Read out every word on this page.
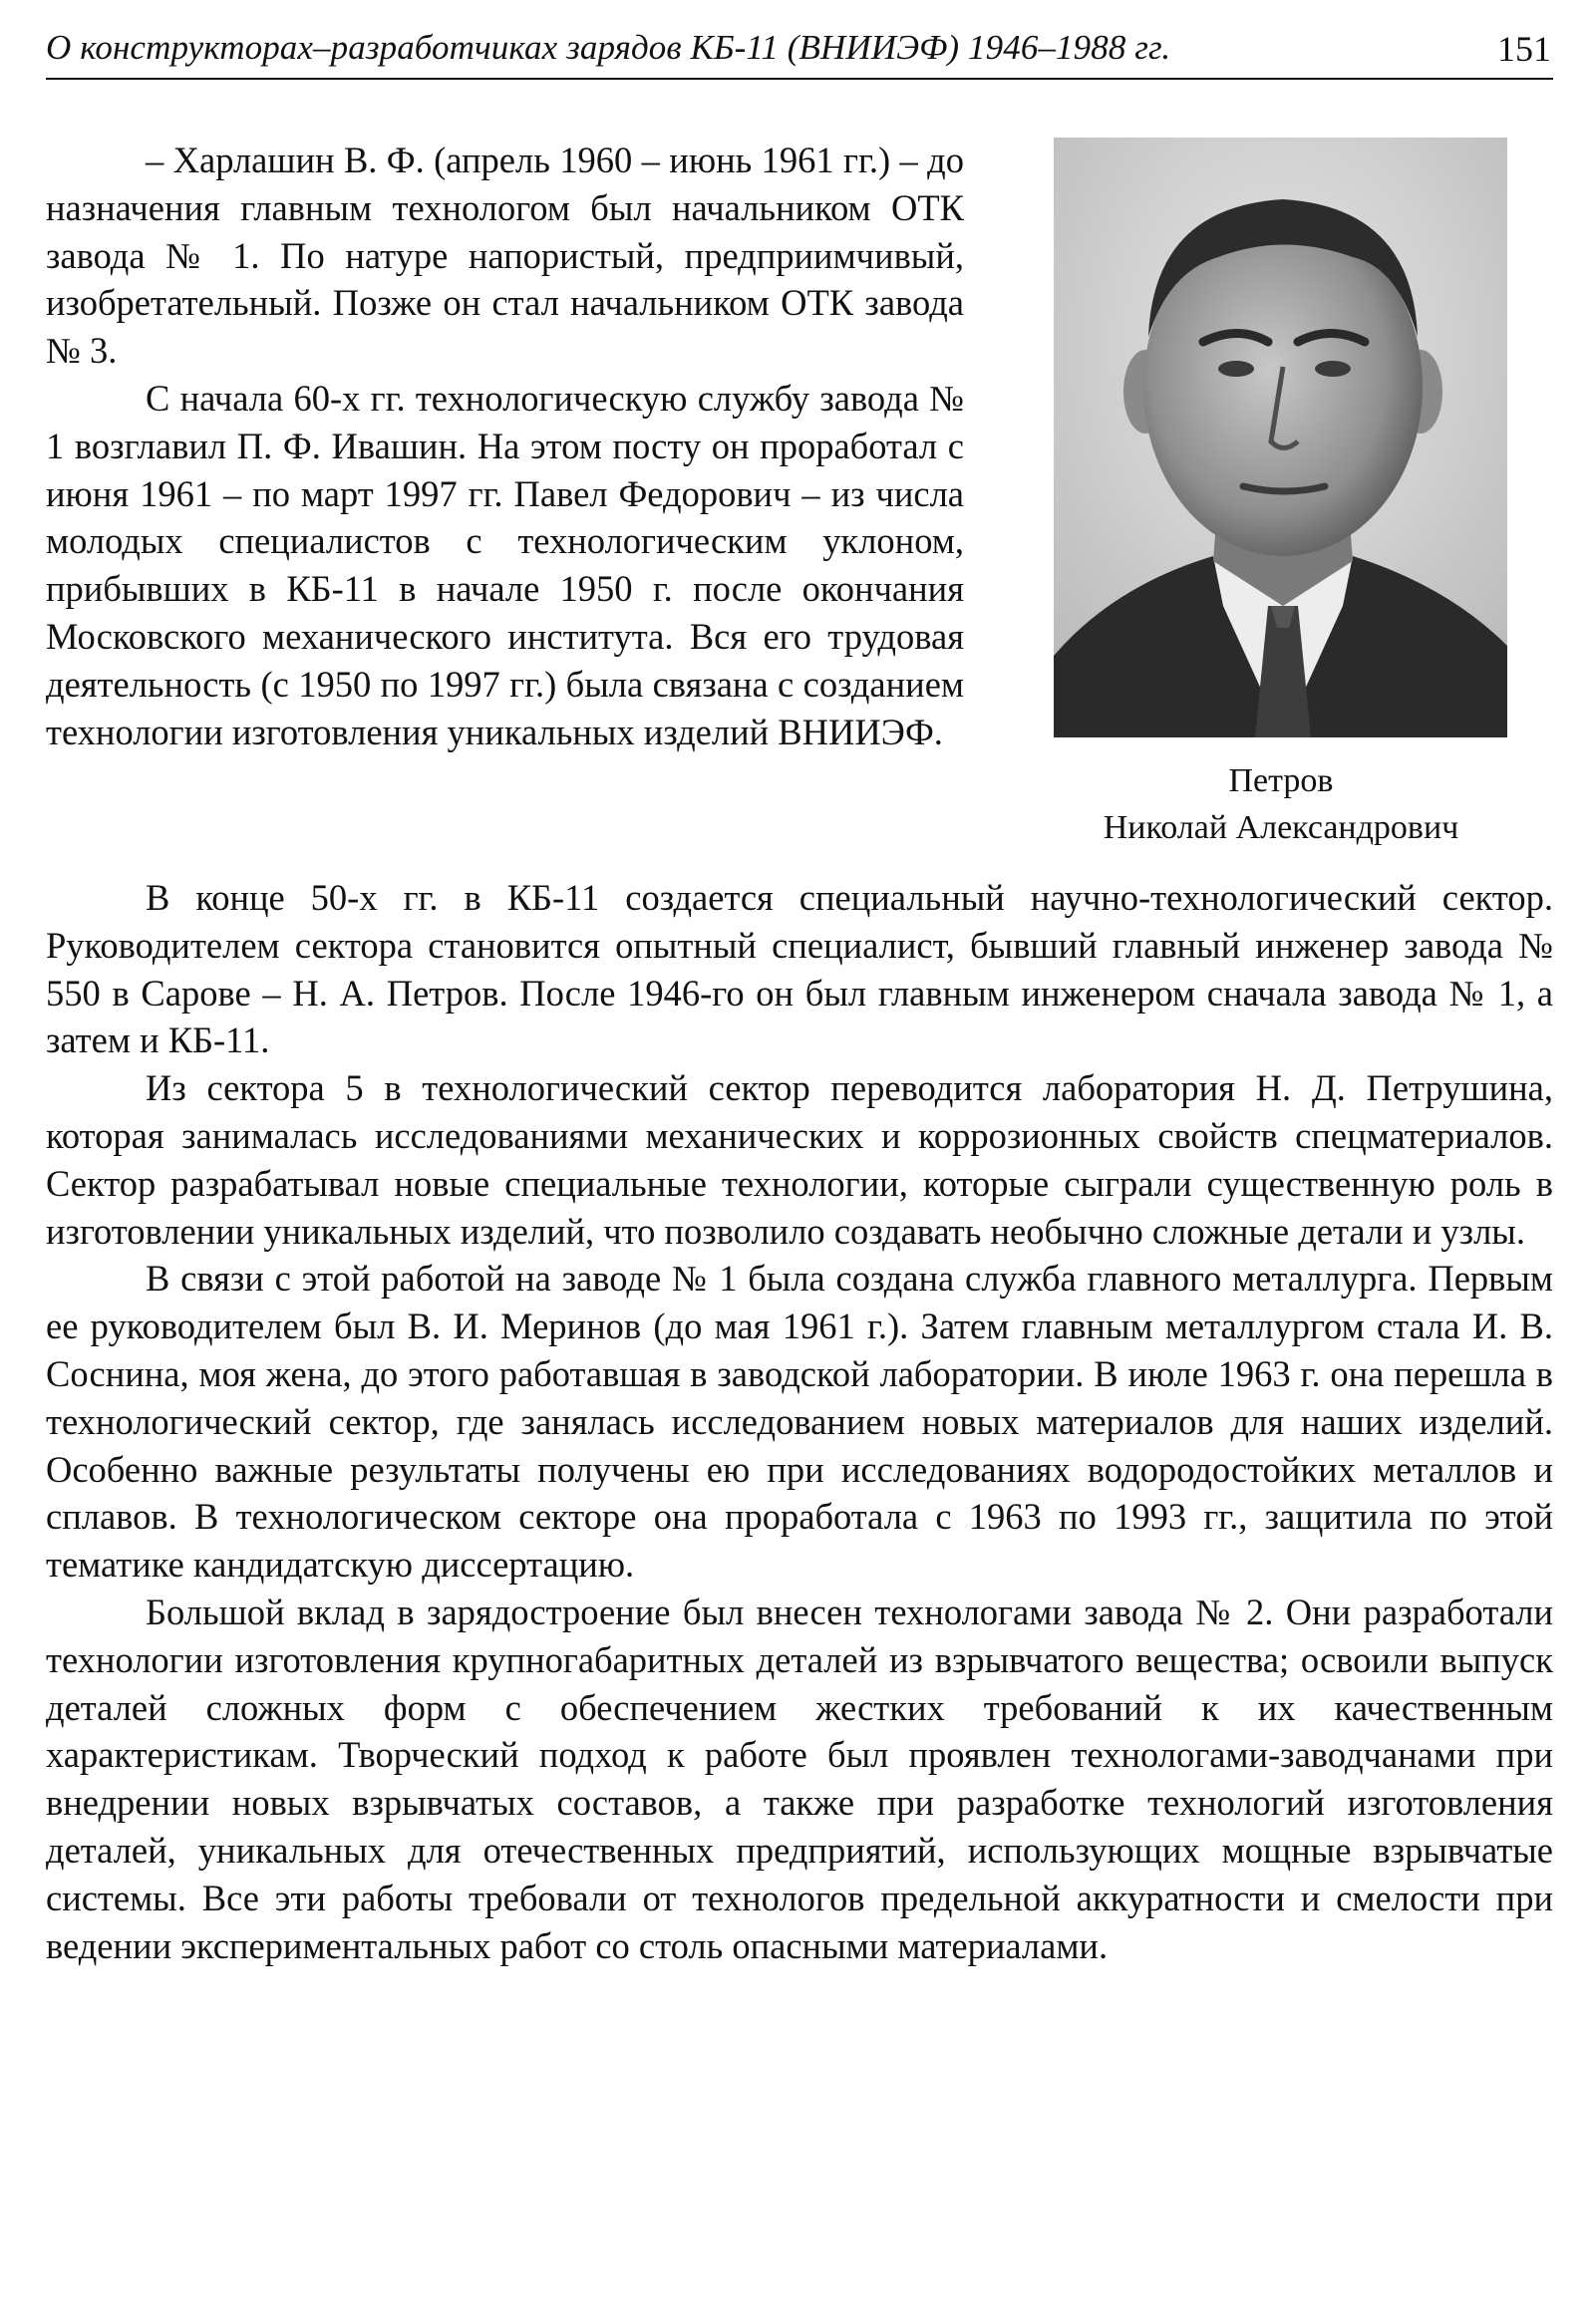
О конструкторах–разработчиках зарядов КБ-11 (ВНИИЭФ) 1946–1988 гг.	151
Петров
Николай Александрович

– Харлашин В. Ф. (апрель 1960 – июнь 1961 гг.) – до назначения главным технологом был начальником ОТК завода № 1. По натуре напористый, предприимчивый, изобретательный. Позже он стал начальником ОТК завода № 3.

С начала 60-х гг. технологическую службу завода № 1 возглавил П. Ф. Ивашин. На этом посту он проработал с июня 1961 – по март 1997 гг. Павел Федорович – из числа молодых специалистов с технологическим уклоном, прибывших в КБ-11 в начале 1950 г. после окончания Московского механического института. Вся его трудовая деятельность (с 1950 по 1997 гг.) была связана с созданием технологии изготовления уникальных изделий ВНИИЭФ.

В конце 50-х гг. в КБ-11 создается специальный научно-технологический сектор. Руководителем сектора становится опытный специалист, бывший главный инженер завода № 550 в Сарове – Н. А. Петров. После 1946-го он был главным инженером сначала завода № 1, а затем и КБ-11.

Из сектора 5 в технологический сектор переводится лаборатория Н. Д. Петрушина, которая занималась исследованиями механических и коррозионных свойств спецматериалов. Сектор разрабатывал новые специальные технологии, которые сыграли существенную роль в изготовлении уникальных изделий, что позволило создавать необычно сложные детали и узлы.

В связи с этой работой на заводе № 1 была создана служба главного металлурга. Первым ее руководителем был В. И. Меринов (до мая 1961 г.). Затем главным металлургом стала И. В. Соснина, моя жена, до этого работавшая в заводской лаборатории. В июле 1963 г. она перешла в технологический сектор, где занялась исследованием новых материалов для наших изделий. Особенно важные результаты получены ею при исследованиях водородостойких металлов и сплавов. В технологическом секторе она проработала с 1963 по 1993 гг., защитила по этой тематике кандидатскую диссертацию.

Большой вклад в зарядостроение был внесен технологами завода № 2. Они разработали технологии изготовления крупногабаритных деталей из взрывчатого вещества; освоили выпуск деталей сложных форм с обеспечением жестких требований к их качественным характеристикам. Творческий подход к работе был проявлен технологами-заводчанами при внедрении новых взрывчатых составов, а также при разработке технологий изготовления деталей, уникальных для отечественных предприятий, использующих мощные взрывчатые системы. Все эти работы требовали от технологов предельной аккуратности и смелости при ведении экспериментальных работ со столь опасными материалами.
